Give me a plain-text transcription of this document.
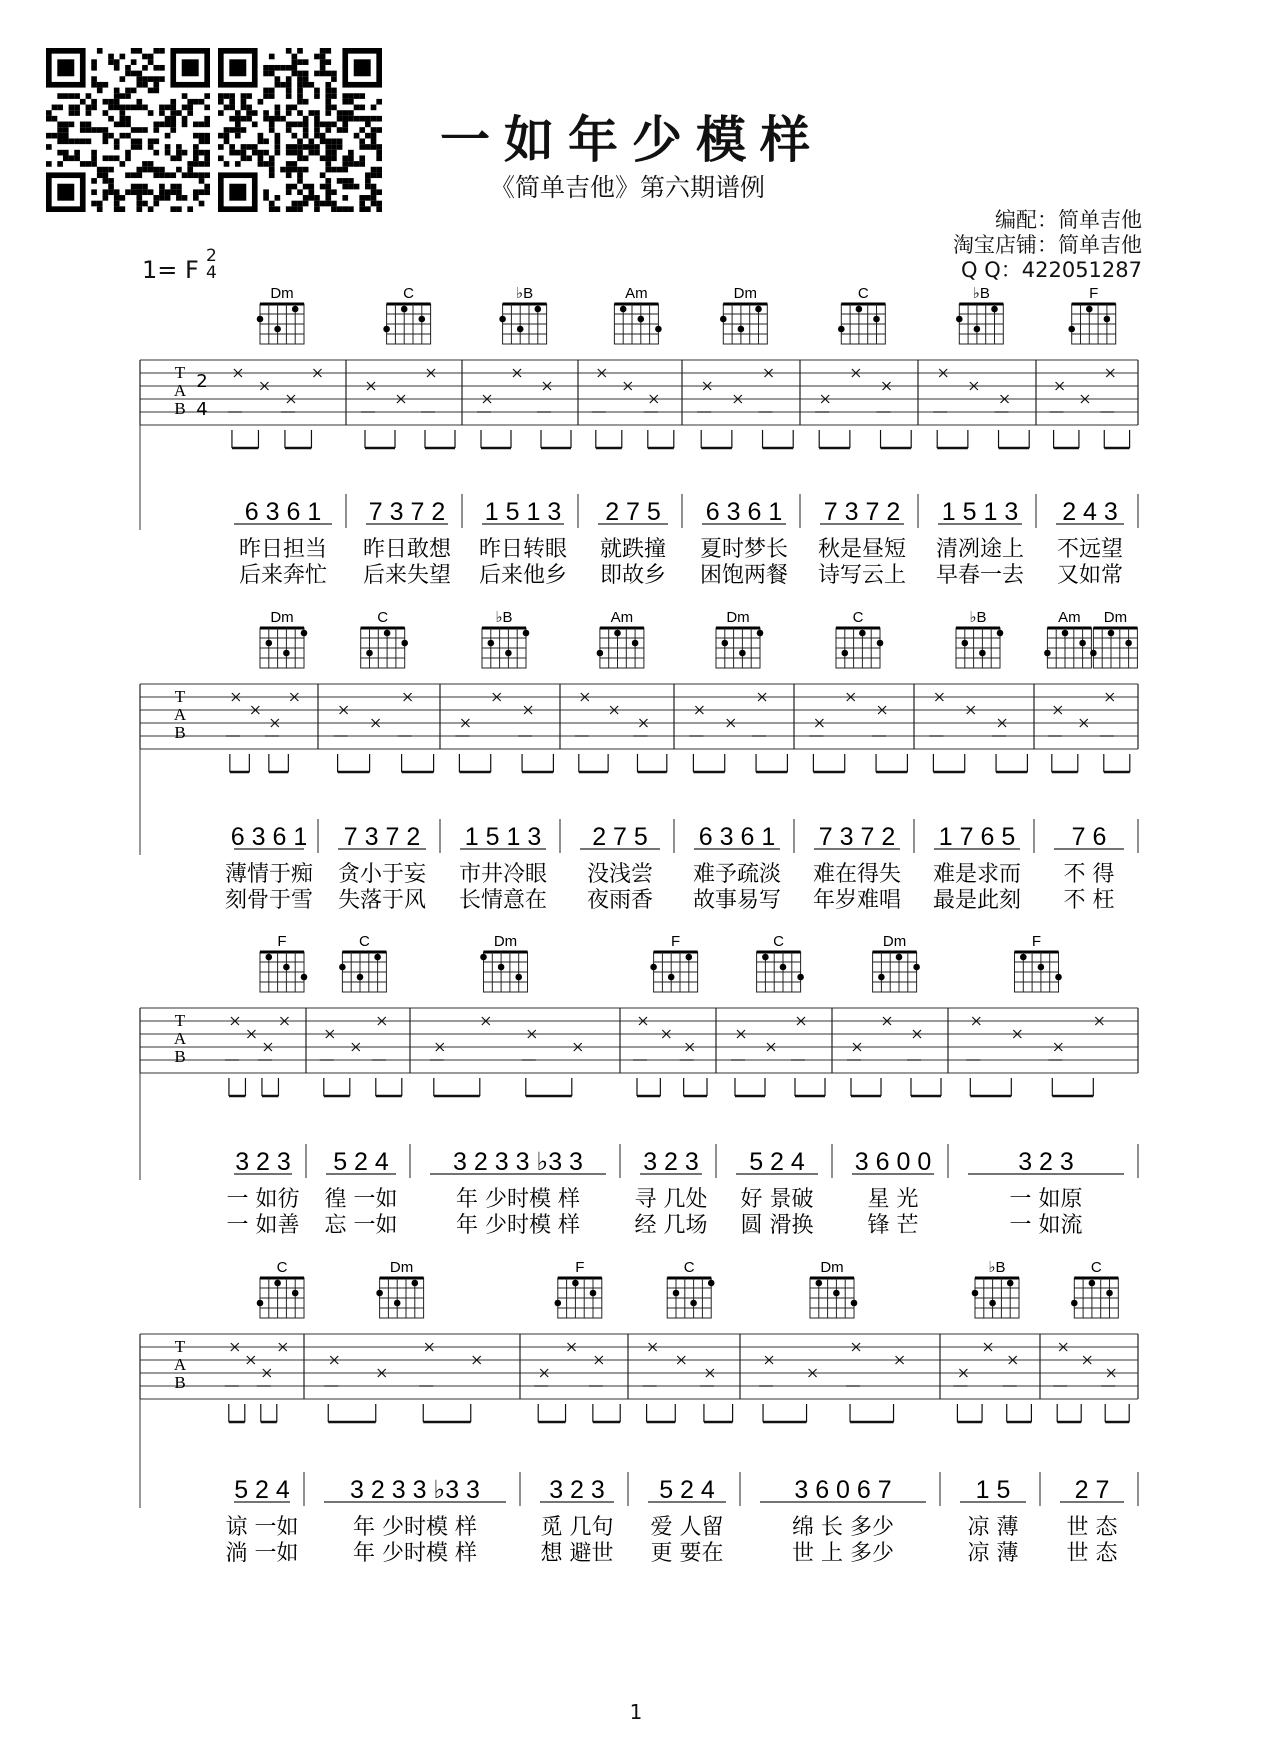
一如年少模样
《简单吉他》第六期谱例
编配：简单吉他
淘宝店铺：简单吉他
Q Q：422051287
1= F 2
4
T
A
B
2
4
Dm
6 3 6 1
昨日担当
后来奔忙
C
7 3 7 2
昨日敢想
后来失望
♭B
1 5 1 3
昨日转眼
后来他乡
Am
2 7 5
就跌撞
即故乡
Dm
6 3 6 1
夏时梦长
困饱两餐
C
7 3 7 2
秋是昼短
诗写云上
♭B
1 5 1 3
清冽途上
早春一去
F
2 4 3
不远望
又如常
T
A
B
Dm
6 3 6 1
薄情于痴
刻骨于雪
C
7 3 7 2
贪小于妄
失落于风
♭B
1 5 1 3
市井冷眼
长情意在
Am
2 7 5
没浅尝
夜雨香
Dm
6 3 6 1
难予疏淡
故事易写
C
7 3 7 2
难在得失
年岁难唱
♭B
1 7 6 5
难是求而
最是此刻
Am Dm
7 6
不 得
不 枉
T
A
B
F
3 2 3
一 如彷
一 如善
C
5 2 4
徨 一如
忘 一如
Dm
3 2 3 3 ♭3 3
年 少时模 样
年 少时模 样
F
3 2 3
寻 几处
经 几场
C
5 2 4
好 景破
圆 滑换
Dm
3 6 0 0
星 光
锋 芒
F
3 2 3
一 如原
一 如流
T
A
B
C
5 2 4
谅 一如
淌 一如
Dm
3 2 3 3 ♭3 3
年 少时模 样
年 少时模 样
F
3 2 3
觅 几句
想 避世
C
5 2 4
爱 人留
更 要在
Dm
3 6 0 6 7
绵 长 多少
世 上 多少
♭B
1 5
凉 薄
凉 薄
C
2 7
世 态
世 态
1
